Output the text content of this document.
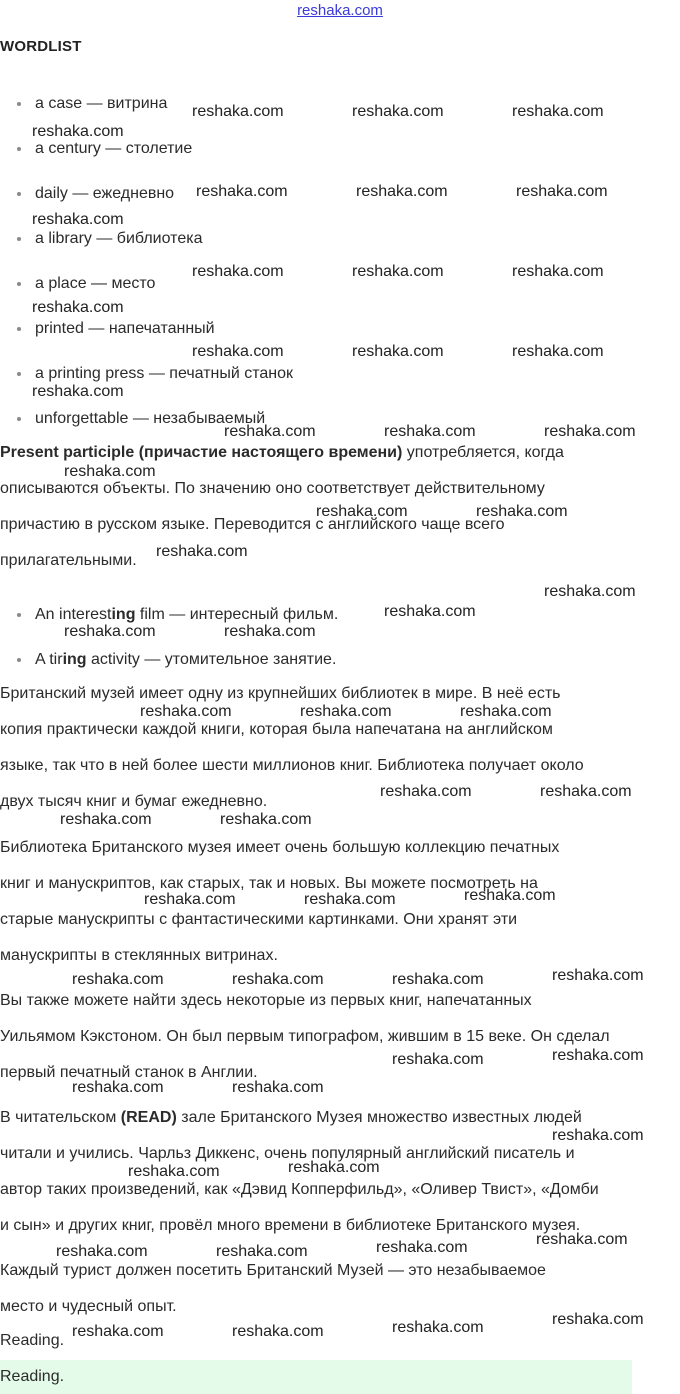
reshaka.com
WORDLIST
a case — витрина
a century — столетие
daily — ежедневно
a library — библиотека
a place — место
printed — напечатанный
a printing press — печатный станок
unforgettable — незабываемый
Present participle (причастие настоящего времени) употребляется, когда
описываются объекты. По значению оно соответствует действительному
причастию в русском языке. Переводится с английского чаще всего
прилагательными.
An interesting film — интересный фильм.
A tiring activity — утомительное занятие.
Британский музей имеет одну из крупнейших библиотек в мире. В неё есть
копия практически каждой книги, которая была напечатана на английском
языке, так что в ней более шести миллионов книг. Библиотека получает около
двух тысяч книг и бумаг ежедневно.
Библиотека Британского музея имеет очень большую коллекцию печатных
книг и манускриптов, как старых, так и новых. Вы можете посмотреть на
старые манускрипты с фантастическими картинками. Они хранят эти
манускрипты в стеклянных витринах.
Вы также можете найти здесь некоторые из первых книг, напечатанных
Уильямом Кэкстоном. Он был первым типографом, жившим в 15 веке. Он сделал
первый печатный станок в Англии.
В читательском (READ) зале Британского Музея множество известных людей
читали и учились. Чарльз Диккенс, очень популярный английский писатель и
автор таких произведений, как «Дэвид Копперфильд», «Оливер Твист», «Домби
и сын» и других книг, провёл много времени в библиотеке Британского музея.
Каждый турист должен посетить Британский Музей — это незабываемое
место и чудесный опыт.
Reading.
Reading.
reshaka.com	reshaka.com	reshaka.com
reshaka.com
reshaka.com	reshaka.com	reshaka.com
reshaka.com
reshaka.com	reshaka.com	reshaka.com
reshaka.com
reshaka.com	reshaka.com	reshaka.com
reshaka.com
reshaka.com	reshaka.com	reshaka.com
reshaka.com
reshaka.com	reshaka.com
reshaka.com
reshaka.com
reshaka.com
reshaka.com	reshaka.com
reshaka.com	reshaka.com	reshaka.com
reshaka.com	reshaka.com
reshaka.com	reshaka.com
reshaka.com	reshaka.com	reshaka.com
reshaka.com	reshaka.com	reshaka.com	reshaka.com
reshaka.com	reshaka.com
reshaka.com	reshaka.com
reshaka.com
reshaka.com	reshaka.com
reshaka.com	reshaka.com	reshaka.com	reshaka.com
reshaka.com	reshaka.com	reshaka.com	reshaka.com
